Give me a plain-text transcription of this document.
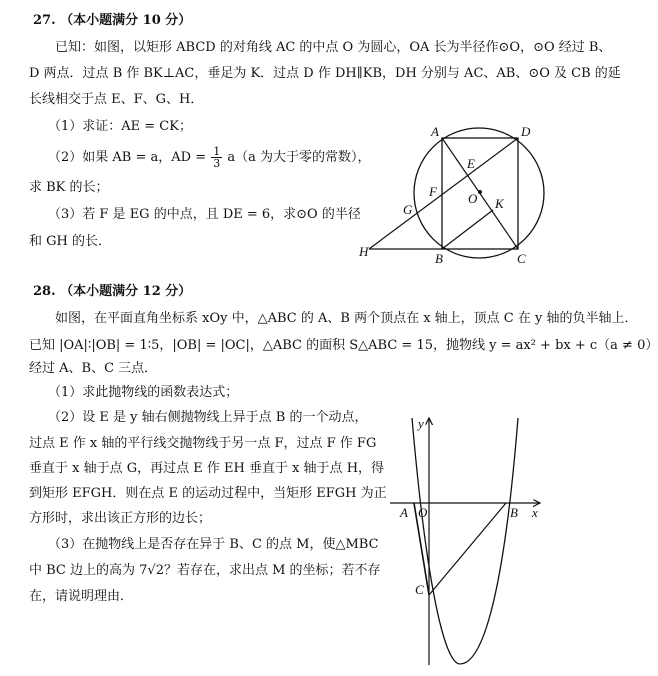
27. （本小题满分 10 分）
已知：如图，以矩形 ABCD 的对角线 AC 的中点 O 为圆心，OA 长为半径作⊙O，⊙O 经过 B、
D 两点．过点 B 作 BK⊥AC，垂足为 K．过点 D 作 DH∥KB，DH 分别与 AC、AB、⊙O 及 CB 的延
长线相交于点 E、F、G、H．
（1）求证：AE = CK；
（2）如果 AB = a，AD = $\frac{1}{3} a(a$ 为大于零的常数），
求 BK 的长；
（3）若 F 是 EG 的中点，且 DE = 6，求⊙O 的半径
和 GH 的长．
A	D
E
F O K
G
H	B	C
28. （本小题满分 12 分）
如图，在平面直角坐标系 xOy 中，△ABC 的 A、B 两个顶点在 x 轴上，顶点 C 在 y 轴的负半轴上．
已知 |OA|∶|OB| = 1∶5，|OB| = |OC|，△ABC 的面积 S△ABC = 15，抛物线 y = ax² + bx + c（a ≠ 0）
经过 A、B、C 三点．
（1）求此抛物线的函数表达式；
（2）设 E 是 y 轴右侧抛物线上异于点 B 的一个动点，
过点 E 作 x 轴的平行线交抛物线于另一点 F，过点 F 作 FG
垂直于 x 轴于点 G，再过点 E 作 EH 垂直于 x 轴于点 H，得
到矩形 EFGH．则在点 E 的运动过程中，当矩形 EFGH 为正
方形时，求出该正方形的边长；
（3）在抛物线上是否存在异于 B、C 的点 M，使△MBC
中 BC 边上的高为 7√2？若存在，求出点 M 的坐标；若不存
在，请说明理由．
y
x
A O	B
C
